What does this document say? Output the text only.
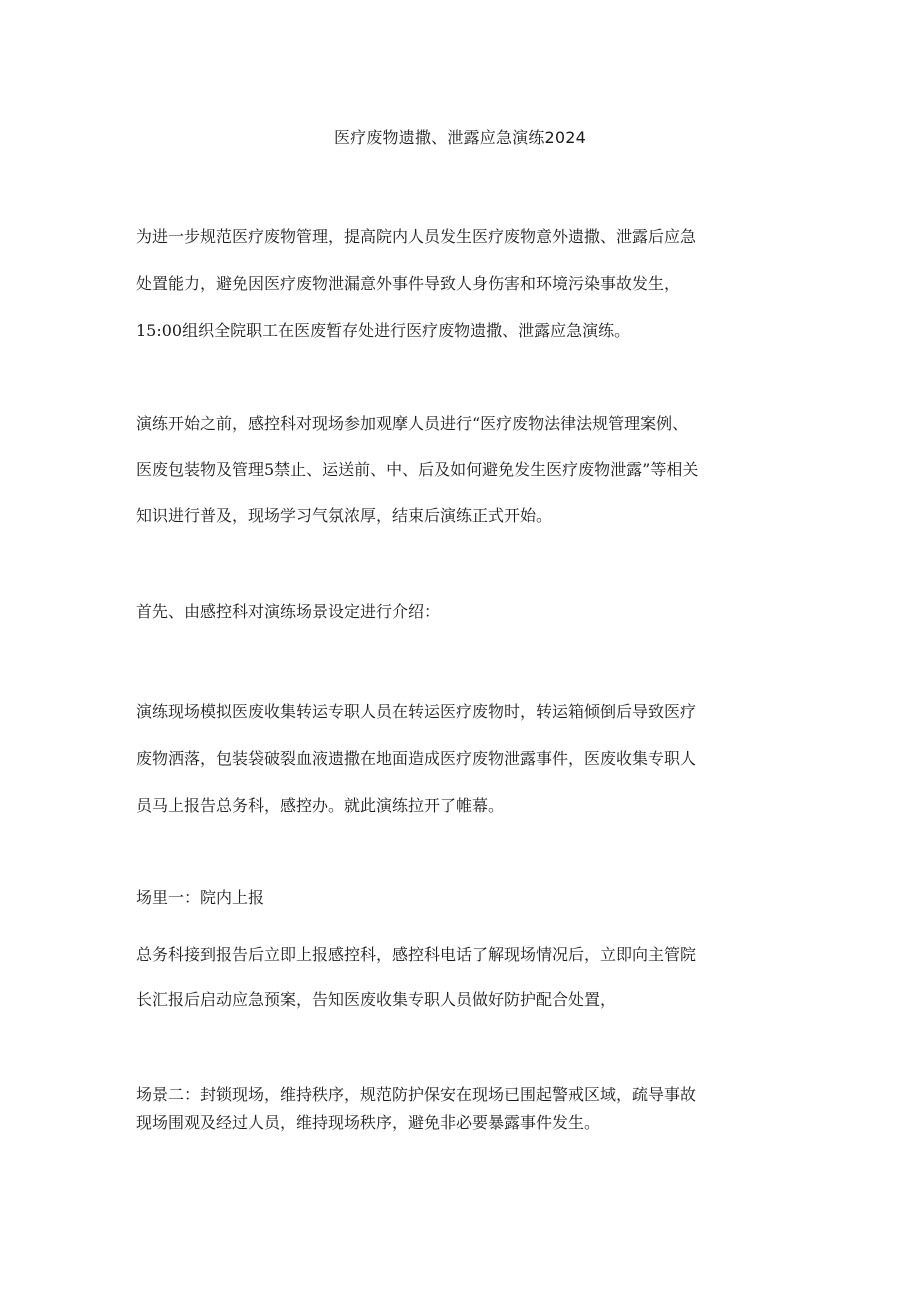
医疗废物遗撒、泄露应急演练2024

为进一步规范医疗废物管理，提高院内人员发生医疗废物意外遗撒、泄露后应急
处置能力，避免因医疗废物泄漏意外事件导致人身伤害和环境污染事故发生，
15:00组织全院职工在医废暂存处进行医疗废物遗撒、泄露应急演练。

演练开始之前，感控科对现场参加观摩人员进行“医疗废物法律法规管理案例、
医废包装物及管理5禁止、运送前、中、后及如何避免发生医疗废物泄露”等相关
知识进行普及，现场学习气氛浓厚，结束后演练正式开始。

首先、由感控科对演练场景设定进行介绍：

演练现场模拟医废收集转运专职人员在转运医疗废物时，转运箱倾倒后导致医疗
废物洒落，包装袋破裂血液遗撒在地面造成医疗废物泄露事件，医废收集专职人
员马上报告总务科，感控办。就此演练拉开了帷幕。

场里一：院内上报

总务科接到报告后立即上报感控科，感控科电话了解现场情况后，立即向主管院
长汇报后启动应急预案，告知医废收集专职人员做好防护配合处置，

场景二：封锁现场，维持秩序，规范防护保安在现场已围起警戒区域，疏导事故
现场围观及经过人员，维持现场秩序，避免非必要暴露事件发生。
